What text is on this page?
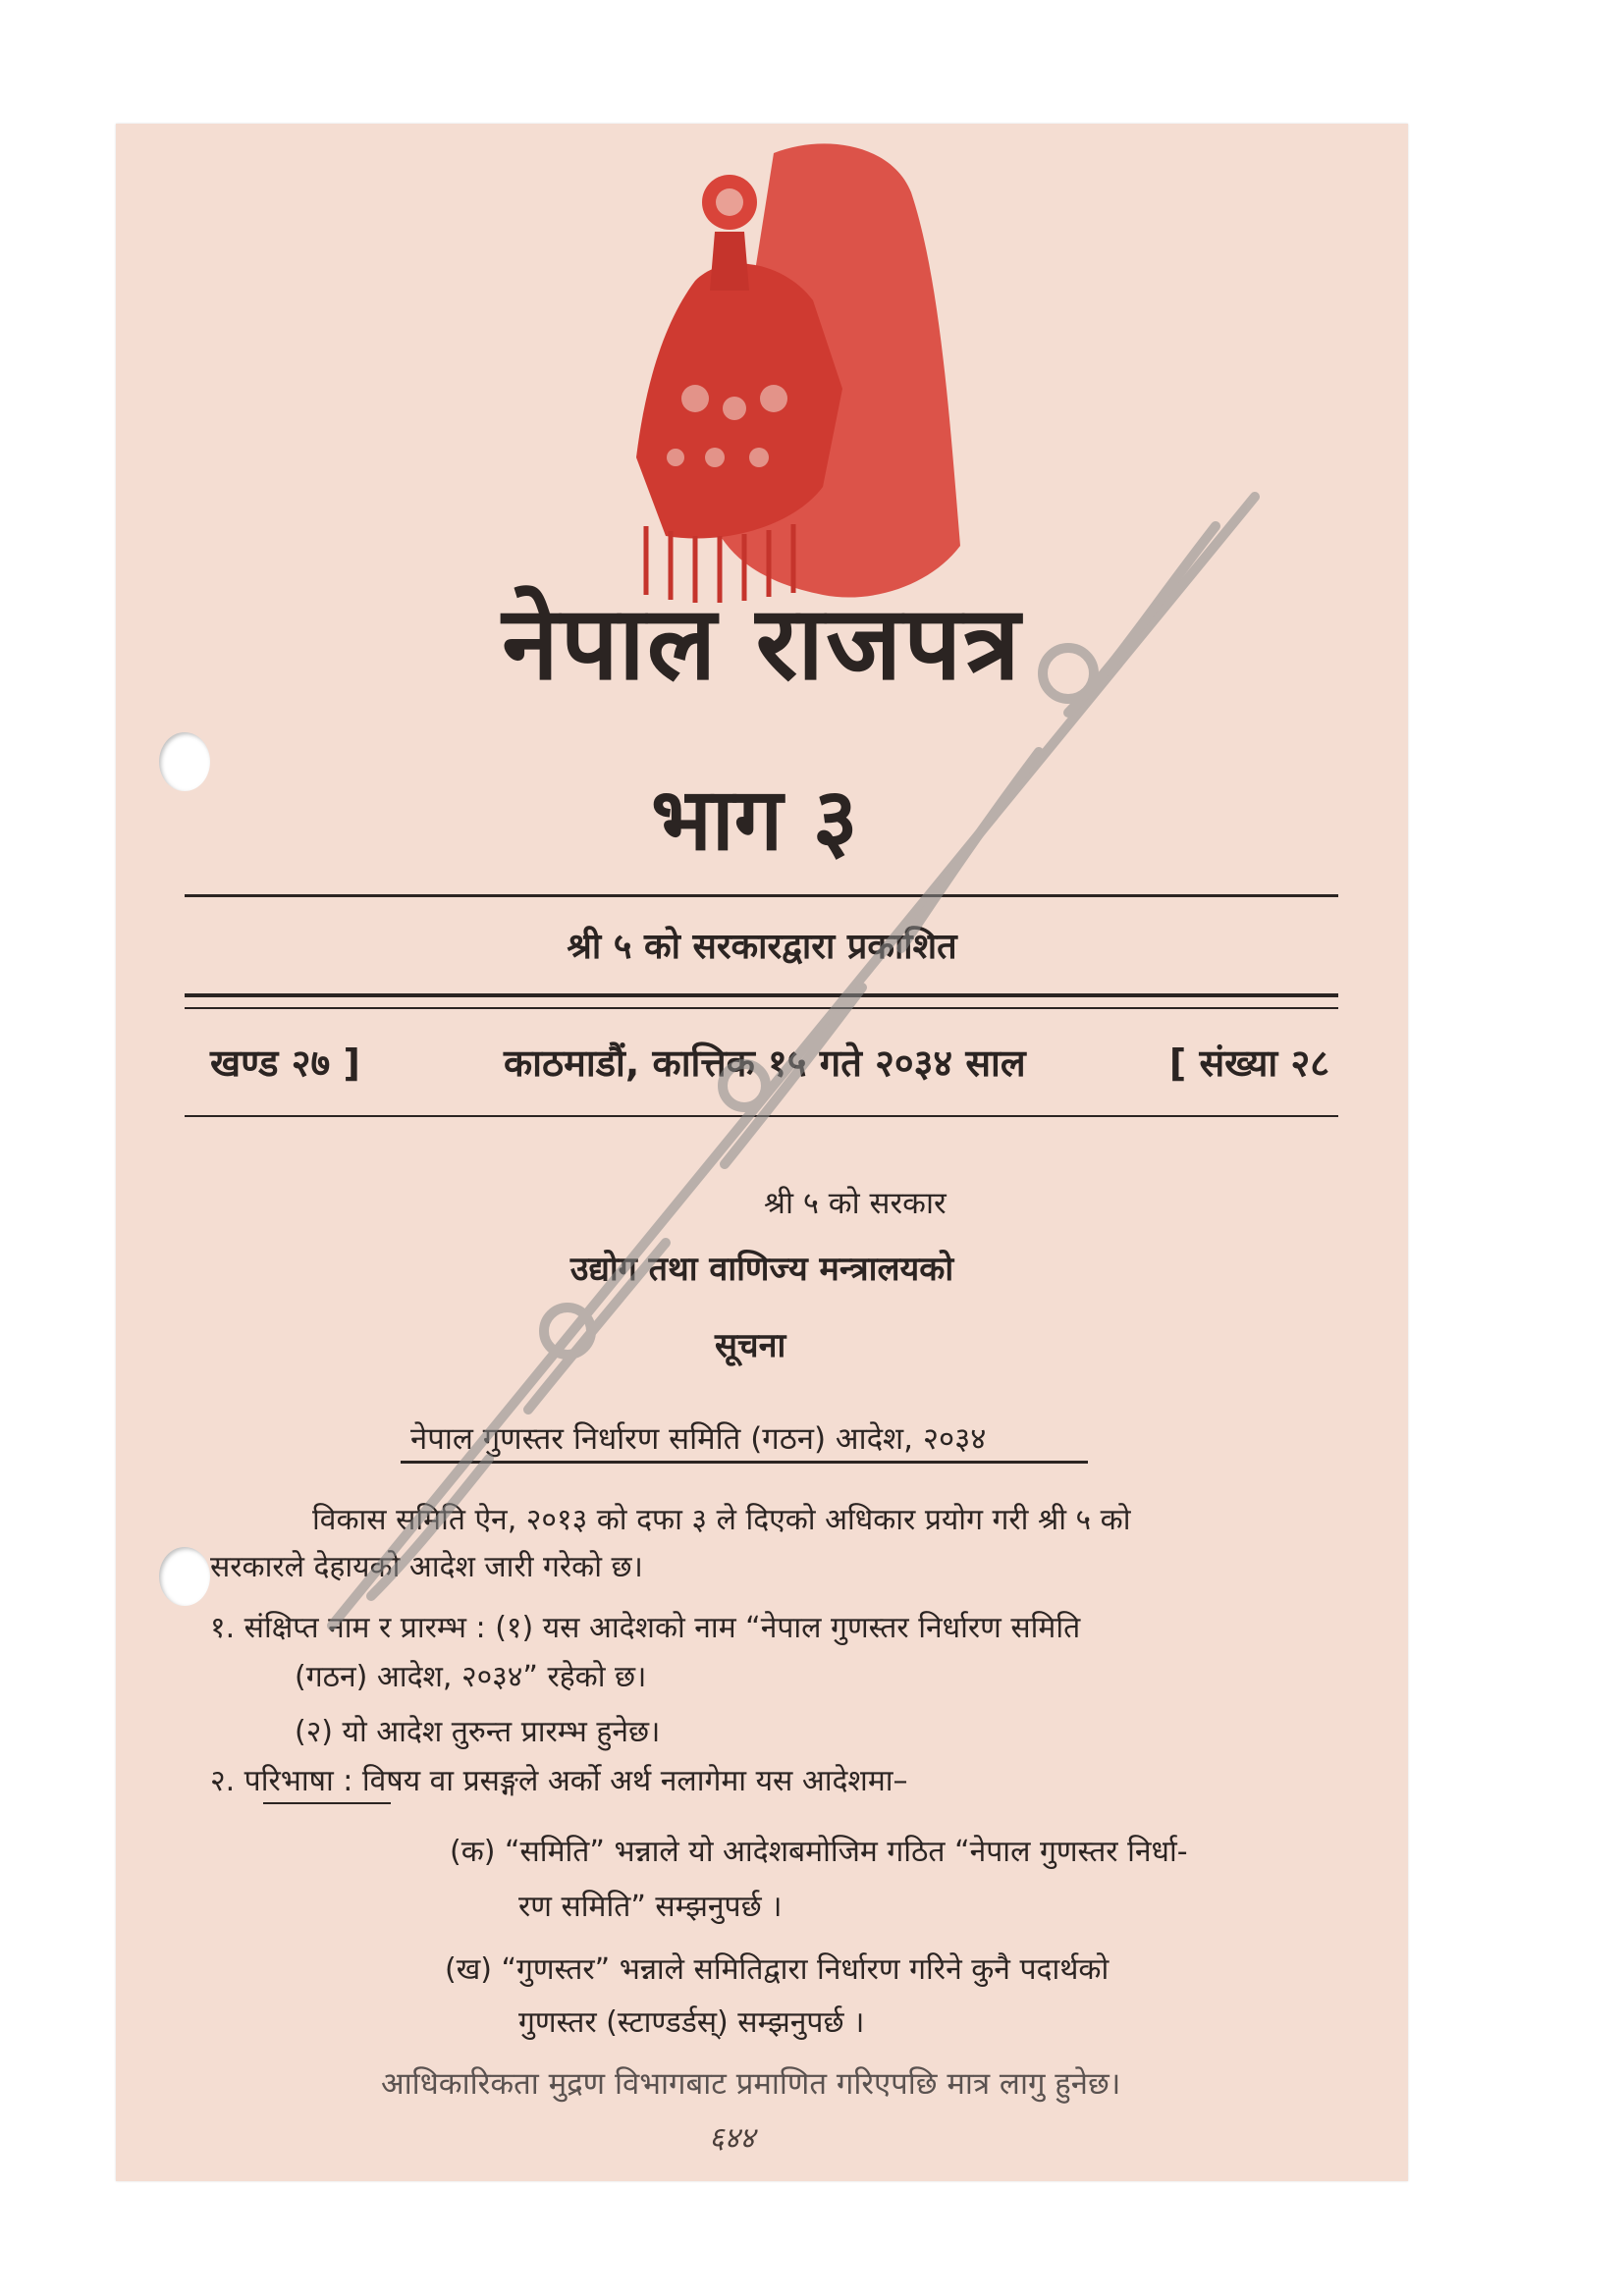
नेपाल राजपत्र
भाग ३
श्री ५ को सरकारद्वारा प्रकाशित
खण्ड २७ ]	काठमाडौं, कात्तिक १५ गते २०३४ साल	[ संख्या २८
श्री ५ को सरकार
उद्योग तथा वाणिज्य मन्त्रालयको
सूचना
नेपाल गुणस्तर निर्धारण समिति (गठन) आदेश, २०३४
विकास समिति ऐन, २०१३ को दफा ३ ले दिएको अधिकार प्रयोग गरी श्री ५ को
सरकारले देहायको आदेश जारी गरेको छ।
१. संक्षिप्त नाम र प्रारम्भ : (१) यस आदेशको नाम “नेपाल गुणस्तर निर्धारण समिति
(गठन) आदेश, २०३४” रहेको छ।
(२) यो आदेश तुरुन्त प्रारम्भ हुनेछ।
२. परिभाषा : विषय वा प्रसङ्गले अर्को अर्थ नलागेमा यस आदेशमा–
(क) “समिति” भन्नाले यो आदेशबमोजिम गठित “नेपाल गुणस्तर निर्धा-
रण समिति” सम्झनुपर्छ ।
(ख) “गुणस्तर” भन्नाले समितिद्वारा निर्धारण गरिने कुनै पदार्थको
गुणस्तर (स्टाण्डर्डस्) सम्झनुपर्छ ।
आधिकारिकता मुद्रण विभागबाट प्रमाणित गरिएपछि मात्र लागु हुनेछ।
६४४
